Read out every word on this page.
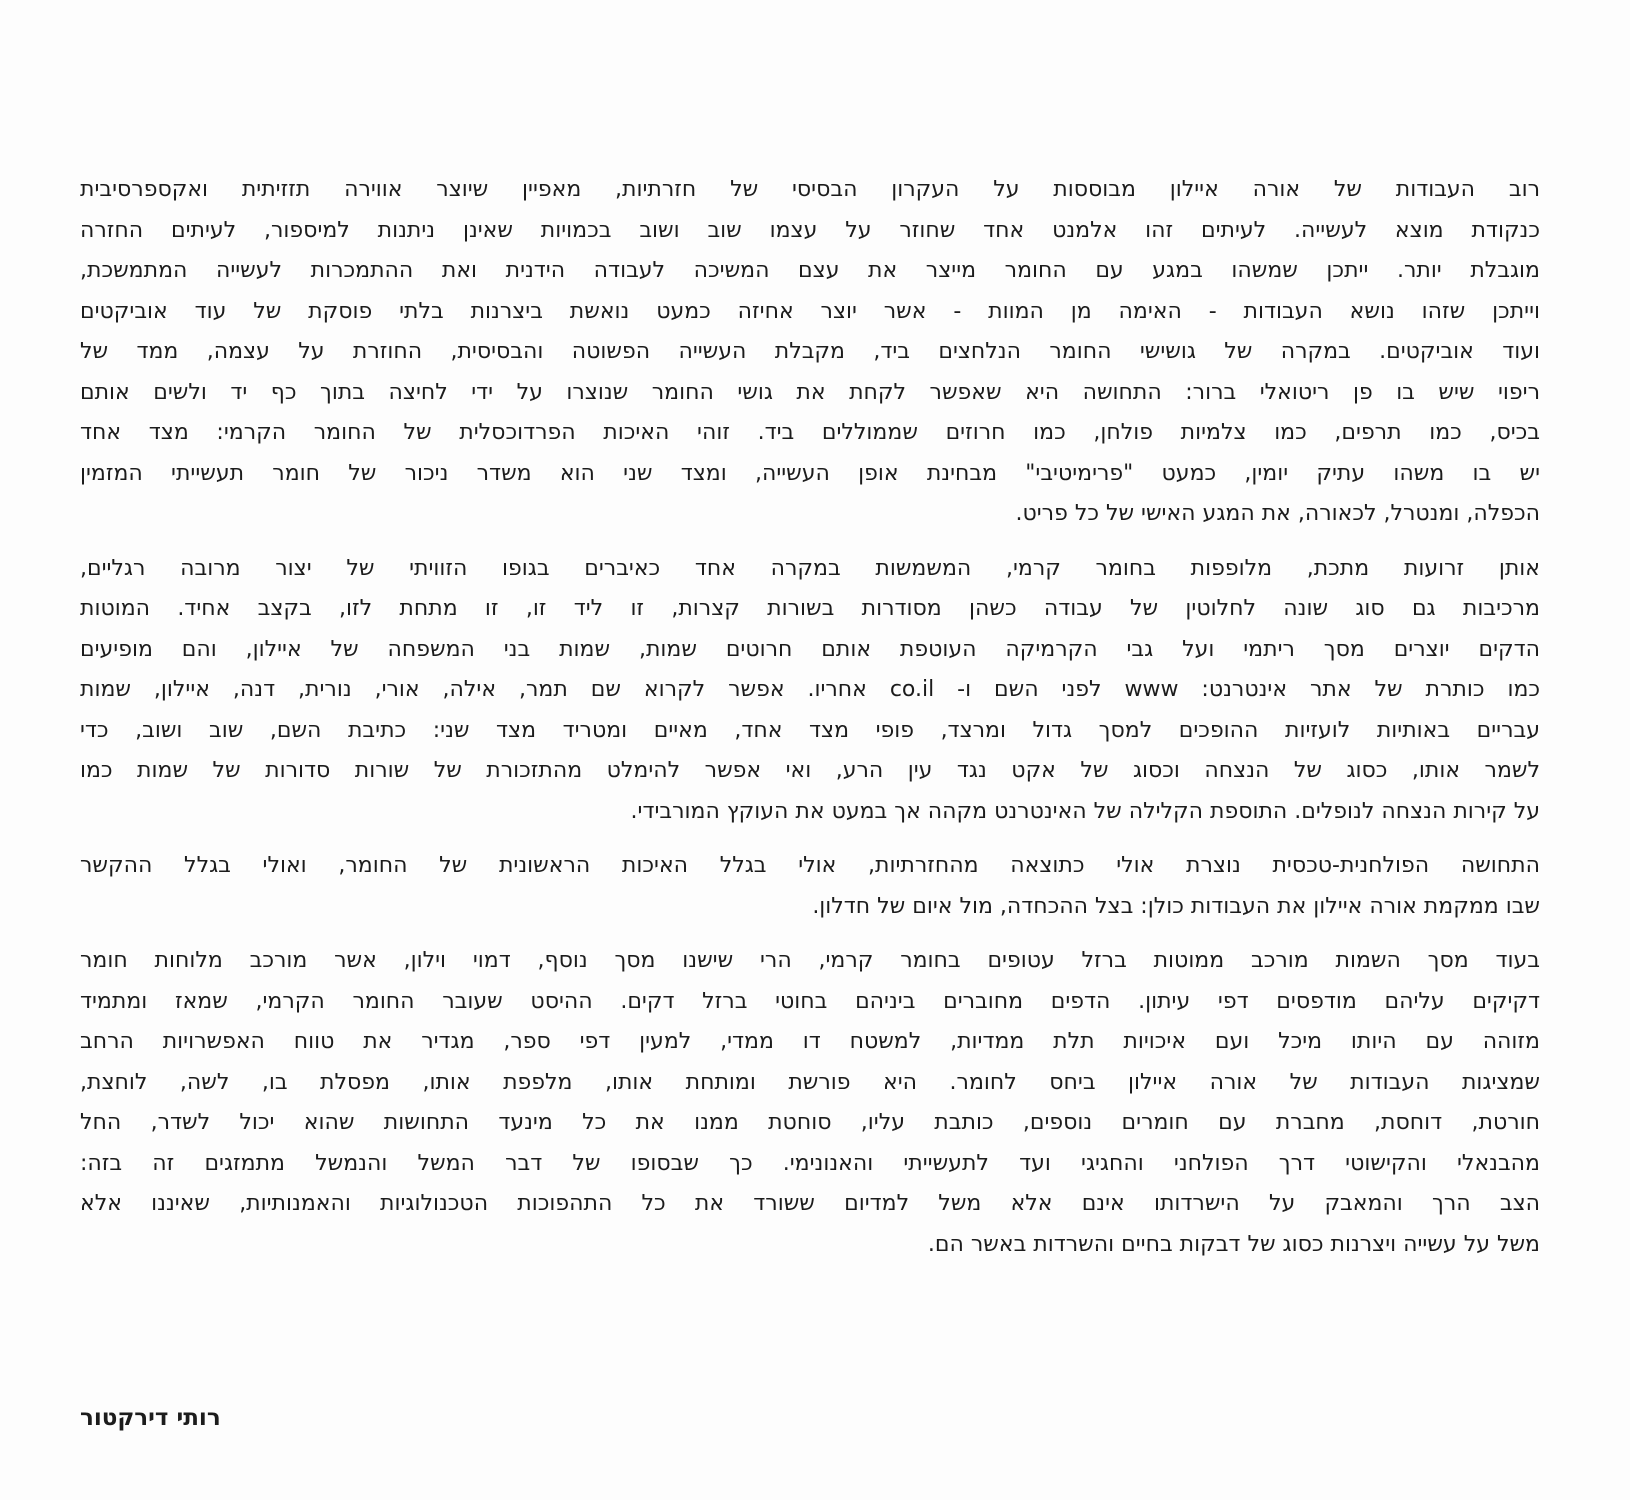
רוב העבודות של אורה איילון מבוססות על העקרון הבסיסי של חזרתיות, מאפיין שיוצר אווירה תזזיתית ואקספרסיבית
כנקודת מוצא לעשייה. לעיתים זהו אלמנט אחד שחוזר על עצמו שוב ושוב בכמויות שאינן ניתנות למיספור, לעיתים החזרה
מוגבלת יותר. ייתכן שמשהו במגע עם החומר מייצר את עצם המשיכה לעבודה הידנית ואת ההתמכרות לעשייה המתמשכת,
וייתכן שזהו נושא העבודות - האימה מן המוות - אשר יוצר אחיזה כמעט נואשת ביצרנות בלתי פוסקת של עוד אוביקטים
ועוד אוביקטים. במקרה של גושישי החומר הנלחצים ביד, מקבלת העשייה הפשוטה והבסיסית, החוזרת על עצמה, ממד של
ריפוי שיש בו פן ריטואלי ברור: התחושה היא שאפשר לקחת את גושי החומר שנוצרו על ידי לחיצה בתוך כף יד ולשים אותם
בכיס, כמו תרפים, כמו צלמיות פולחן, כמו חרוזים שממוללים ביד. זוהי האיכות הפרדוכסלית של החומר הקרמי: מצד אחד
יש בו משהו עתיק יומין, כמעט "פרימיטיבי" מבחינת אופן העשייה, ומצד שני הוא משדר ניכור של חומר תעשייתי המזמין
הכפלה, ומנטרל, לכאורה, את המגע האישי של כל פריט.
אותן זרועות מתכת, מלופפות בחומר קרמי, המשמשות במקרה אחד כאיברים בגופו הזוויתי של יצור מרובה רגליים,
מרכיבות גם סוג שונה לחלוטין של עבודה כשהן מסודרות בשורות קצרות, זו ליד זו, זו מתחת לזו, בקצב אחיד. המוטות
הדקים יוצרים מסך ריתמי ועל גבי הקרמיקה העוטפת אותם חרוטים שמות, שמות בני המשפחה של איילון, והם מופיעים
כמו כותרת של אתר אינטרנט: www לפני השם ו- co.il אחריו. אפשר לקרוא שם תמר, אילה, אורי, נורית, דנה, איילון, שמות
עבריים באותיות לועזיות ההופכים למסך גדול ומרצד, פופי מצד אחד, מאיים ומטריד מצד שני: כתיבת השם, שוב ושוב, כדי
לשמר אותו, כסוג של הנצחה וכסוג של אקט נגד עין הרע, ואי אפשר להימלט מהתזכורת של שורות סדורות של שמות כמו
על קירות הנצחה לנופלים. התוספת הקלילה של האינטרנט מקהה אך במעט את העוקץ המורבידי.
התחושה הפולחנית-טכסית נוצרת אולי כתוצאה מהחזרתיות, אולי בגלל האיכות הראשונית של החומר, ואולי בגלל ההקשר
שבו ממקמת אורה איילון את העבודות כולן: בצל ההכחדה, מול איום של חדלון.
בעוד מסך השמות מורכב ממוטות ברזל עטופים בחומר קרמי, הרי שישנו מסך נוסף, דמוי וילון, אשר מורכב מלוחות חומר
דקיקים עליהם מודפסים דפי עיתון. הדפים מחוברים ביניהם בחוטי ברזל דקים. ההיסט שעובר החומר הקרמי, שמאז ומתמיד
מזוהה עם היותו מיכל ועם איכויות תלת ממדיות, למשטח דו ממדי, למעין דפי ספר, מגדיר את טווח האפשרויות הרחב
שמציגות העבודות של אורה איילון ביחס לחומר. היא פורשת ומותחת אותו, מלפפת אותו, מפסלת בו, לשה, לוחצת,
חורטת, דוחסת, מחברת עם חומרים נוספים, כותבת עליו, סוחטת ממנו את כל מינעד התחושות שהוא יכול לשדר, החל
מהבנאלי והקישוטי דרך הפולחני והחגיגי ועד לתעשייתי והאנונימי. כך שבסופו של דבר המשל והנמשל מתמזגים זה בזה:
הצב הרך והמאבק על הישרדותו אינם אלא משל למדיום ששורד את כל התהפוכות הטכנולוגיות והאמנותיות, שאיננו אלא
משל על עשייה ויצרנות כסוג של דבקות בחיים והשרדות באשר הם.
רותי דירקטור
